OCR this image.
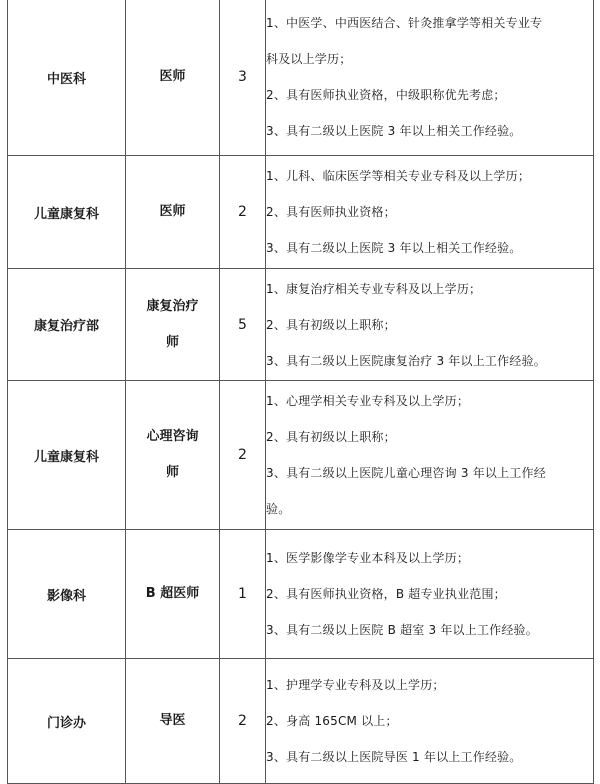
中医科	医师	3	1、中医学、中西医结合、针灸推拿学等相关专业专
科及以上学历；
2、具有医师执业资格，中级职称优先考虑；
3、具有二级以上医院 3 年以上相关工作经验。

儿童康复科	医师	2	1、儿科、临床医学等相关专业专科及以上学历；
2、具有医师执业资格；
3、具有二级以上医院 3 年以上相关工作经验。

康复治疗部	康复治疗
师	5	1、康复治疗相关专业专科及以上学历；
2、具有初级以上职称；
3、具有二级以上医院康复治疗 3 年以上工作经验。

儿童康复科	心理咨询
师	2	1、心理学相关专业专科及以上学历；
2、具有初级以上职称；
3、具有二级以上医院儿童心理咨询 3 年以上工作经
验。

影像科	B 超医师	1	1、医学影像学专业本科及以上学历；
2、具有医师执业资格，B 超专业执业范围；
3、具有二级以上医院 B 超室 3 年以上工作经验。

门诊办	导医	2	1、护理学专业专科及以上学历；
2、身高 165CM 以上；
3、具有二级以上医院导医 1 年以上工作经验。
